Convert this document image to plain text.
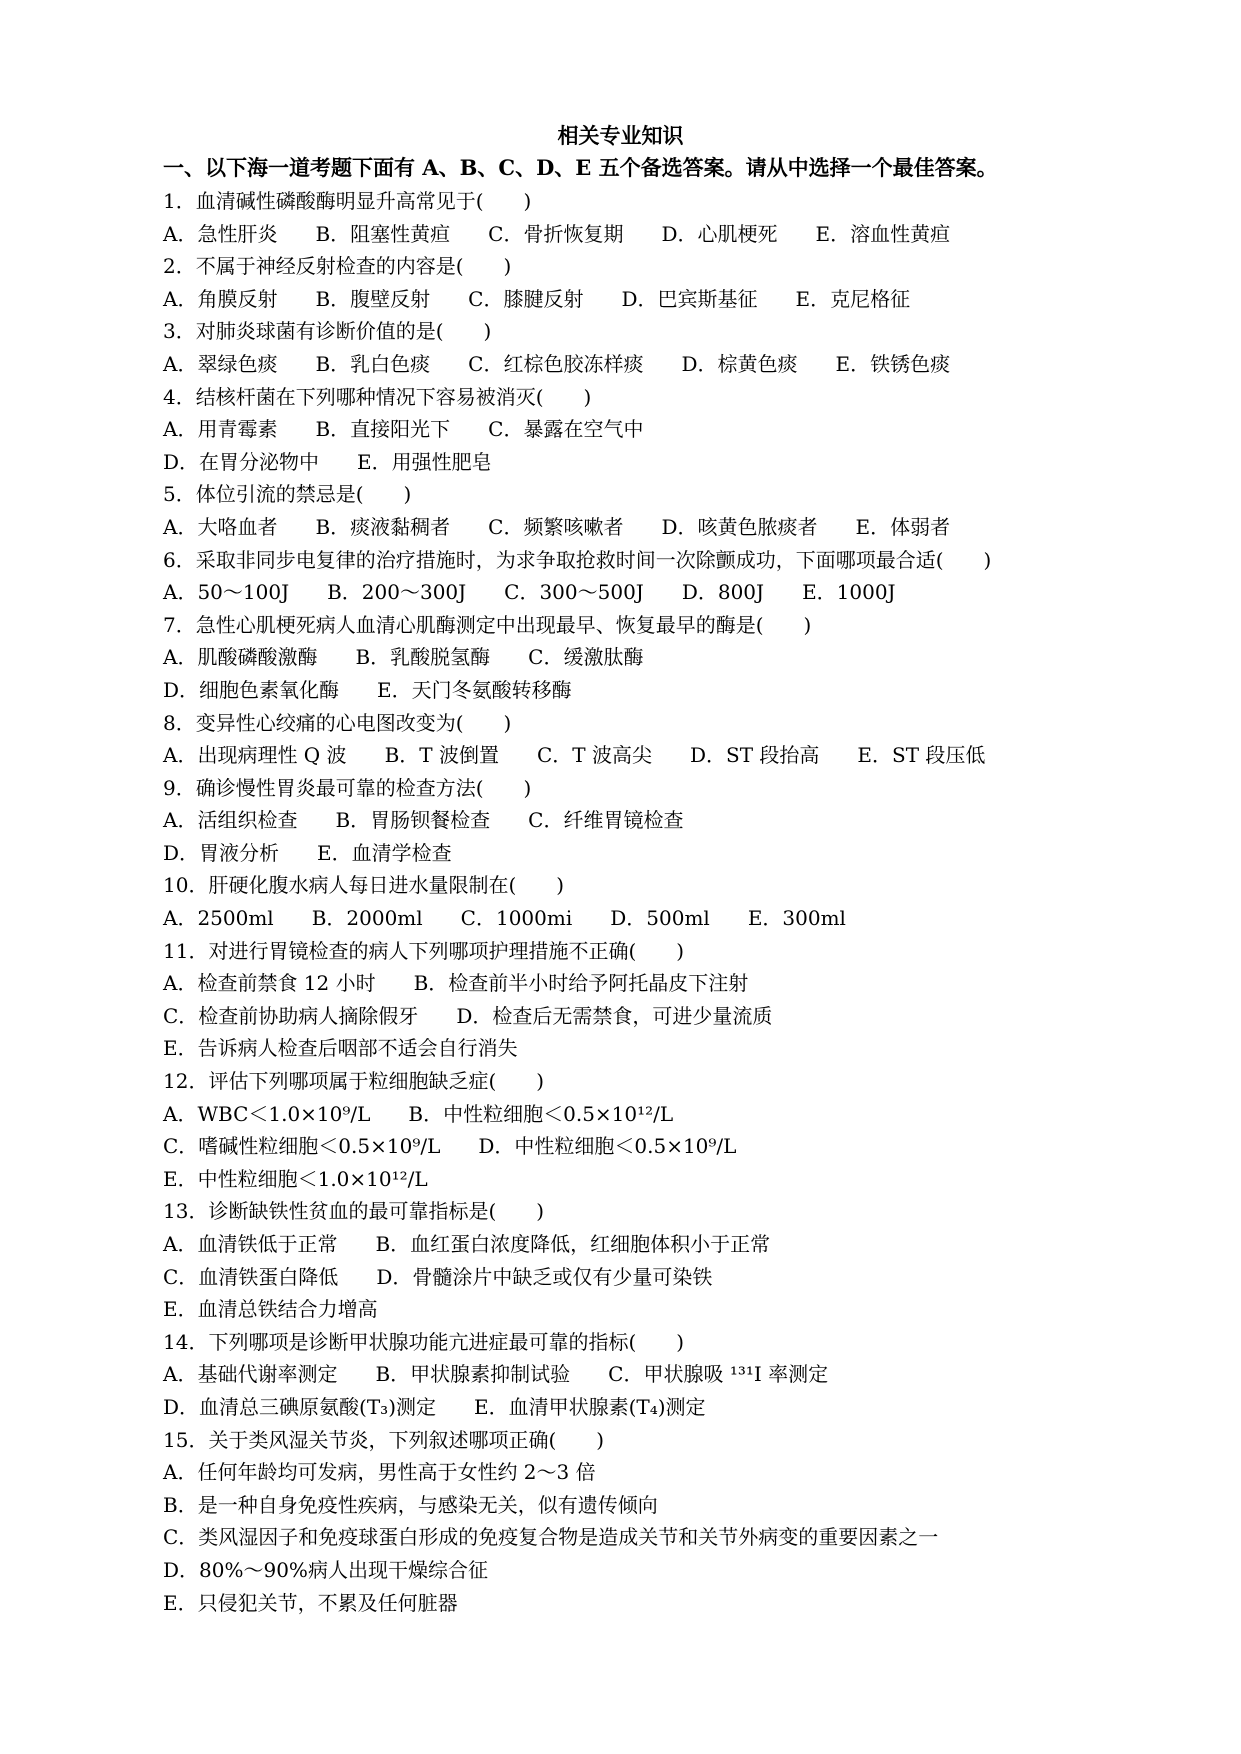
相关专业知识

一、以下海一道考题下面有 A、B、C、D、E 五个备选答案。请从中选择一个最佳答案。

1．血清碱性磷酸酶明显升高常见于(　　)
A．急性肝炎 B．阻塞性黄疸 C．骨折恢复期 D．心肌梗死 E．溶血性黄疸
2．不属于神经反射检查的内容是(　　)
A．角膜反射 B．腹壁反射 C．膝腱反射 D．巴宾斯基征 E．克尼格征
3．对肺炎球菌有诊断价值的是(　　)
A．翠绿色痰 B．乳白色痰 C．红棕色胶冻样痰 D．棕黄色痰 E．铁锈色痰
4．结核杆菌在下列哪种情况下容易被消灭(　　)
A．用青霉素 B．直接阳光下 C．暴露在空气中
D．在胃分泌物中 E．用强性肥皂
5．体位引流的禁忌是(　　)
A．大咯血者 B．痰液黏稠者 C．频繁咳嗽者 D．咳黄色脓痰者 E．体弱者
6．采取非同步电复律的治疗措施时，为求争取抢救时间一次除颤成功，下面哪项最合适(　　)
A．50～100J B．200～300J C．300～500J D．800J E．1000J
7．急性心肌梗死病人血清心肌酶测定中出现最早、恢复最早的酶是(　　)
A．肌酸磷酸激酶 B．乳酸脱氢酶 C．缓激肽酶
D．细胞色素氧化酶 E．天门冬氨酸转移酶
8．变异性心绞痛的心电图改变为(　　)
A．出现病理性 Q 波 B．T 波倒置 C．T 波高尖 D．ST 段抬高 E．ST 段压低
9．确诊慢性胃炎最可靠的检查方法(　　)
A．活组织检查 B．胃肠钡餐检查 C．纤维胃镜检查
D．胃液分析 E．血清学检查
10．肝硬化腹水病人每日进水量限制在(　　)
A．2500ml B．2000ml C．1000mi D．500ml E．300ml
11．对进行胃镜检查的病人下列哪项护理措施不正确(　　)
A．检查前禁食 12 小时 B．检查前半小时给予阿托晶皮下注射
C．检查前协助病人摘除假牙 D．检查后无需禁食，可进少量流质
E．告诉病人检查后咽部不适会自行消失
12．评估下列哪项属于粒细胞缺乏症(　　)
A．WBC＜1.0×10⁹/L B．中性粒细胞＜0.5×10¹²/L
C．嗜碱性粒细胞＜0.5×10⁹/L D．中性粒细胞＜0.5×10⁹/L
E．中性粒细胞＜1.0×10¹²/L
13．诊断缺铁性贫血的最可靠指标是(　　)
A．血清铁低于正常 B．血红蛋白浓度降低，红细胞体积小于正常
C．血清铁蛋白降低 D．骨髓涂片中缺乏或仅有少量可染铁
E．血清总铁结合力增高
14．下列哪项是诊断甲状腺功能亢进症最可靠的指标(　　)
A．基础代谢率测定 B．甲状腺素抑制试验 C．甲状腺吸 ¹³¹I 率测定
D．血清总三碘原氨酸(T₃)测定 E．血清甲状腺素(T₄)测定
15．关于类风湿关节炎，下列叙述哪项正确(　　)
A．任何年龄均可发病，男性高于女性约 2～3 倍
B．是一种自身免疫性疾病，与感染无关，似有遗传倾向
C．类风湿因子和免疫球蛋白形成的免疫复合物是造成关节和关节外病变的重要因素之一
D．80%～90%病人出现干燥综合征
E．只侵犯关节，不累及任何脏器
